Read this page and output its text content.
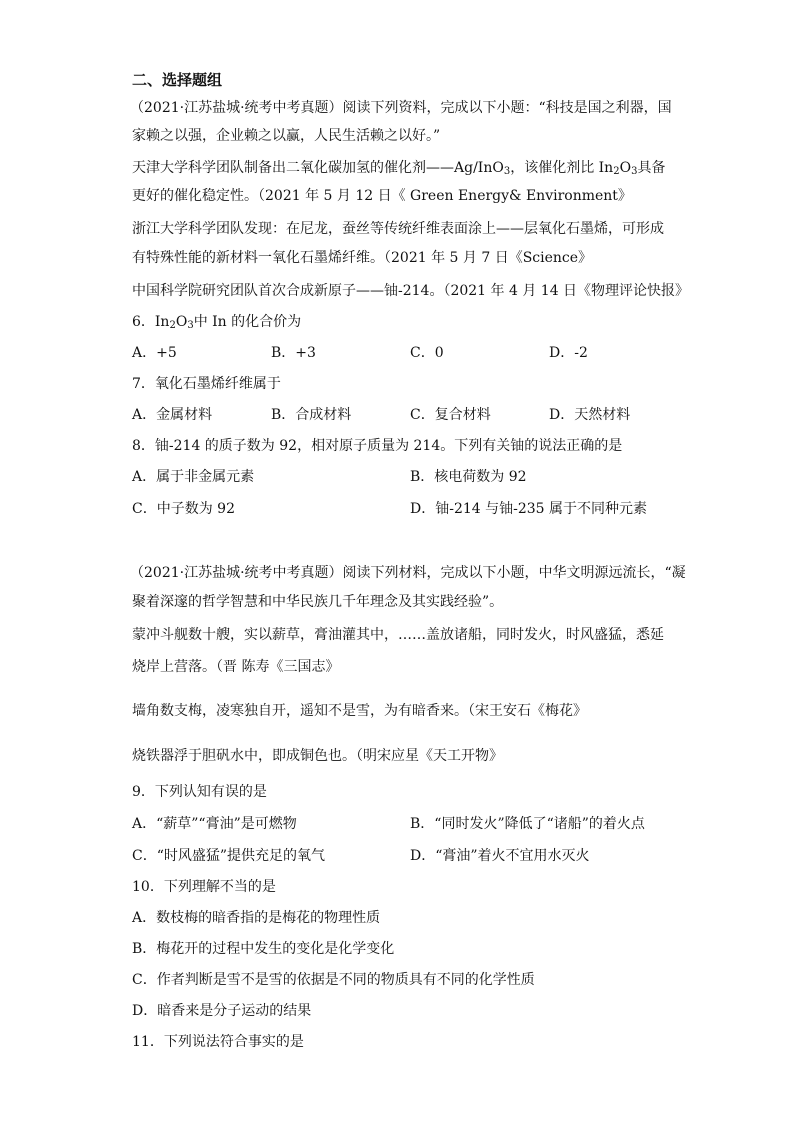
二、选择题组
（2021·江苏盐城·统考中考真题）阅读下列资料，完成以下小题：“科技是国之利器，国
家赖之以强，企业赖之以赢，人民生活赖之以好。”
天津大学科学团队制备出二氧化碳加氢的催化剂——Ag/InO$_3$，该催化剂比 $In_2O_3$具备
更好的催化稳定性。（2021 年 5 月 12 日《 Green Energy& Environment》
浙江大学科学团队发现：在尼龙，蚕丝等传统纤维表面涂上——层氧化石墨烯，可形成
有特殊性能的新材料一氧化石墨烯纤维。（2021 年 5 月 7 日《Science》
中国科学院研究团队首次合成新原子——铀-214。（2021 年 4 月 14 日《物理评论快报》
6．$In_2O_3$中 In 的化合价为
A．+5	B．+3	C．0	D．-2
7．氧化石墨烯纤维属于
A．金属材料	B．合成材料	C．复合材料	D．天然材料
8．铀-214 的质子数为 92，相对原子质量为 214。下列有关铀的说法正确的是
A．属于非金属元素	B．核电荷数为 92
C．中子数为 92	D．铀-214 与铀-235 属于不同种元素
（2021·江苏盐城·统考中考真题）阅读下列材料，完成以下小题，中华文明源远流长，“凝
聚着深邃的哲学智慧和中华民族几千年理念及其实践经验”。
蒙冲斗舰数十艘，实以薪草，膏油灌其中，……盖放诸船，同时发火，时风盛猛，悉延
烧岸上营落。（晋 陈寿《三国志》
墙角数支梅，凌寒独自开，遥知不是雪，为有暗香来。（宋王安石《梅花》
烧铁器浮于胆矾水中，即成铜色也。（明宋应星《天工开物》
9．下列认知有误的是
A．“薪草”“膏油”是可燃物	B．“同时发火”降低了“诸船”的着火点
C．“时风盛猛”提供充足的氧气	D．“膏油”着火不宜用水灭火
10．下列理解不当的是
A．数枝梅的暗香指的是梅花的物理性质
B．梅花开的过程中发生的变化是化学变化
C．作者判断是雪不是雪的依据是不同的物质具有不同的化学性质
D．暗香来是分子运动的结果
11．下列说法符合事实的是
